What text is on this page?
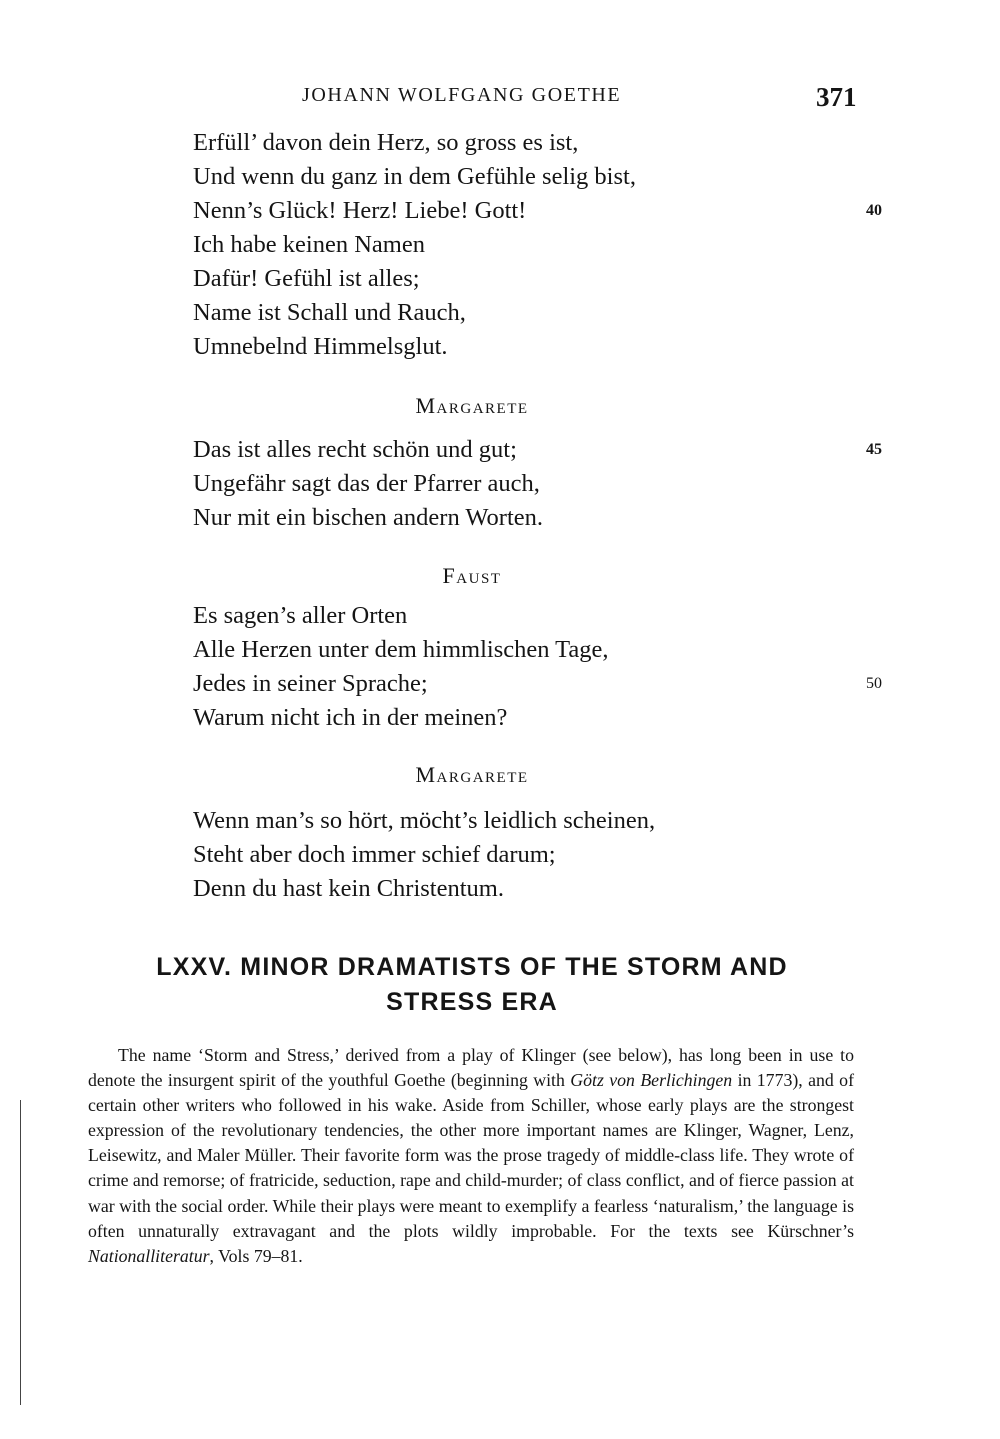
JOHANN WOLFGANG GOETHE	371
Erfüll’ davon dein Herz, so gross es ist,
Und wenn du ganz in dem Gefühle selig bist,
Nenn’s Glück! Herz! Liebe! Gott!	40
Ich habe keinen Namen
Dafür! Gefühl ist alles;
Name ist Schall und Rauch,
Umnebelnd Himmelsglut.
Margarete
Das ist alles recht schön und gut;	45
Ungefähr sagt das der Pfarrer auch,
Nur mit ein bischen andern Worten.
Faust
Es sagen’s aller Orten
Alle Herzen unter dem himmlischen Tage,
Jedes in seiner Sprache;	50
Warum nicht ich in der meinen?
Margarete
Wenn man’s so hört, möcht’s leidlich scheinen,
Steht aber doch immer schief darum;
Denn du hast kein Christentum.
LXXV. MINOR DRAMATISTS OF THE STORM AND
STRESS ERA

The name ‘Storm and Stress,’ derived from a play of Klinger (see below), has long been in use to denote the insurgent spirit of the youthful Goethe (beginning with Götz von Berlichingen in 1773), and of certain other writers who followed in his wake. Aside from Schiller, whose early plays are the strongest expression of the revolutionary tendencies, the other more important names are Klinger, Wagner, Lenz, Leisewitz, and Maler Müller. Their favorite form was the prose tragedy of middle-class life. They wrote of crime and remorse; of fratricide, seduction, rape and child-murder; of class conflict, and of fierce passion at war with the social order. While their plays were meant to exemplify a fearless ‘naturalism,’ the language is often unnaturally extravagant and the plots wildly improbable. For the texts see Kürschner’s Nationalliteratur, Vols 79–81.
